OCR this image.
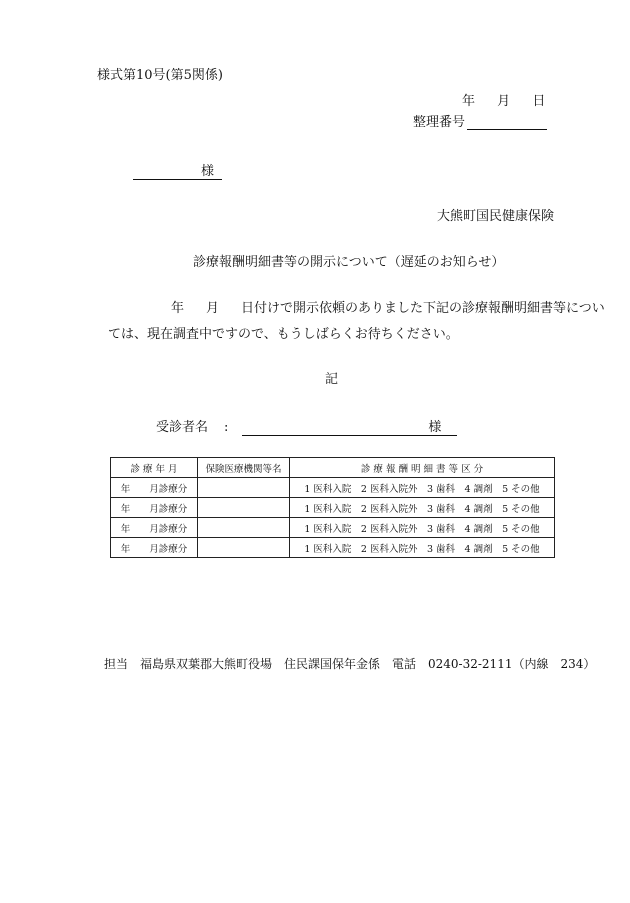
様式第10号(第5関係)
年 月 日
整理番号
様
大熊町国民健康保険
診療報酬明細書等の開示について（遅延のお知らせ）
年 月 日付けで開示依頼のありました下記の診療報酬明細書等につい
ては、現在調査中ですので、もうしばらくお待ちください。
記
受診者名 :	様
診 療 年 月	保険医療機関等名	診 療 報 酬 明 細 書 等 区 分
年　　月診療分		1 医科入院　2 医科入院外　3 歯科　4 調剤　5 その他
年　　月診療分		1 医科入院　2 医科入院外　3 歯科　4 調剤　5 その他
年　　月診療分		1 医科入院　2 医科入院外　3 歯科　4 調剤　5 その他
年　　月診療分		1 医科入院　2 医科入院外　3 歯科　4 調剤　5 その他
担当　福島県双葉郡大熊町役場　住民課国保年金係　電話　0240-32-2111（内線　234）
